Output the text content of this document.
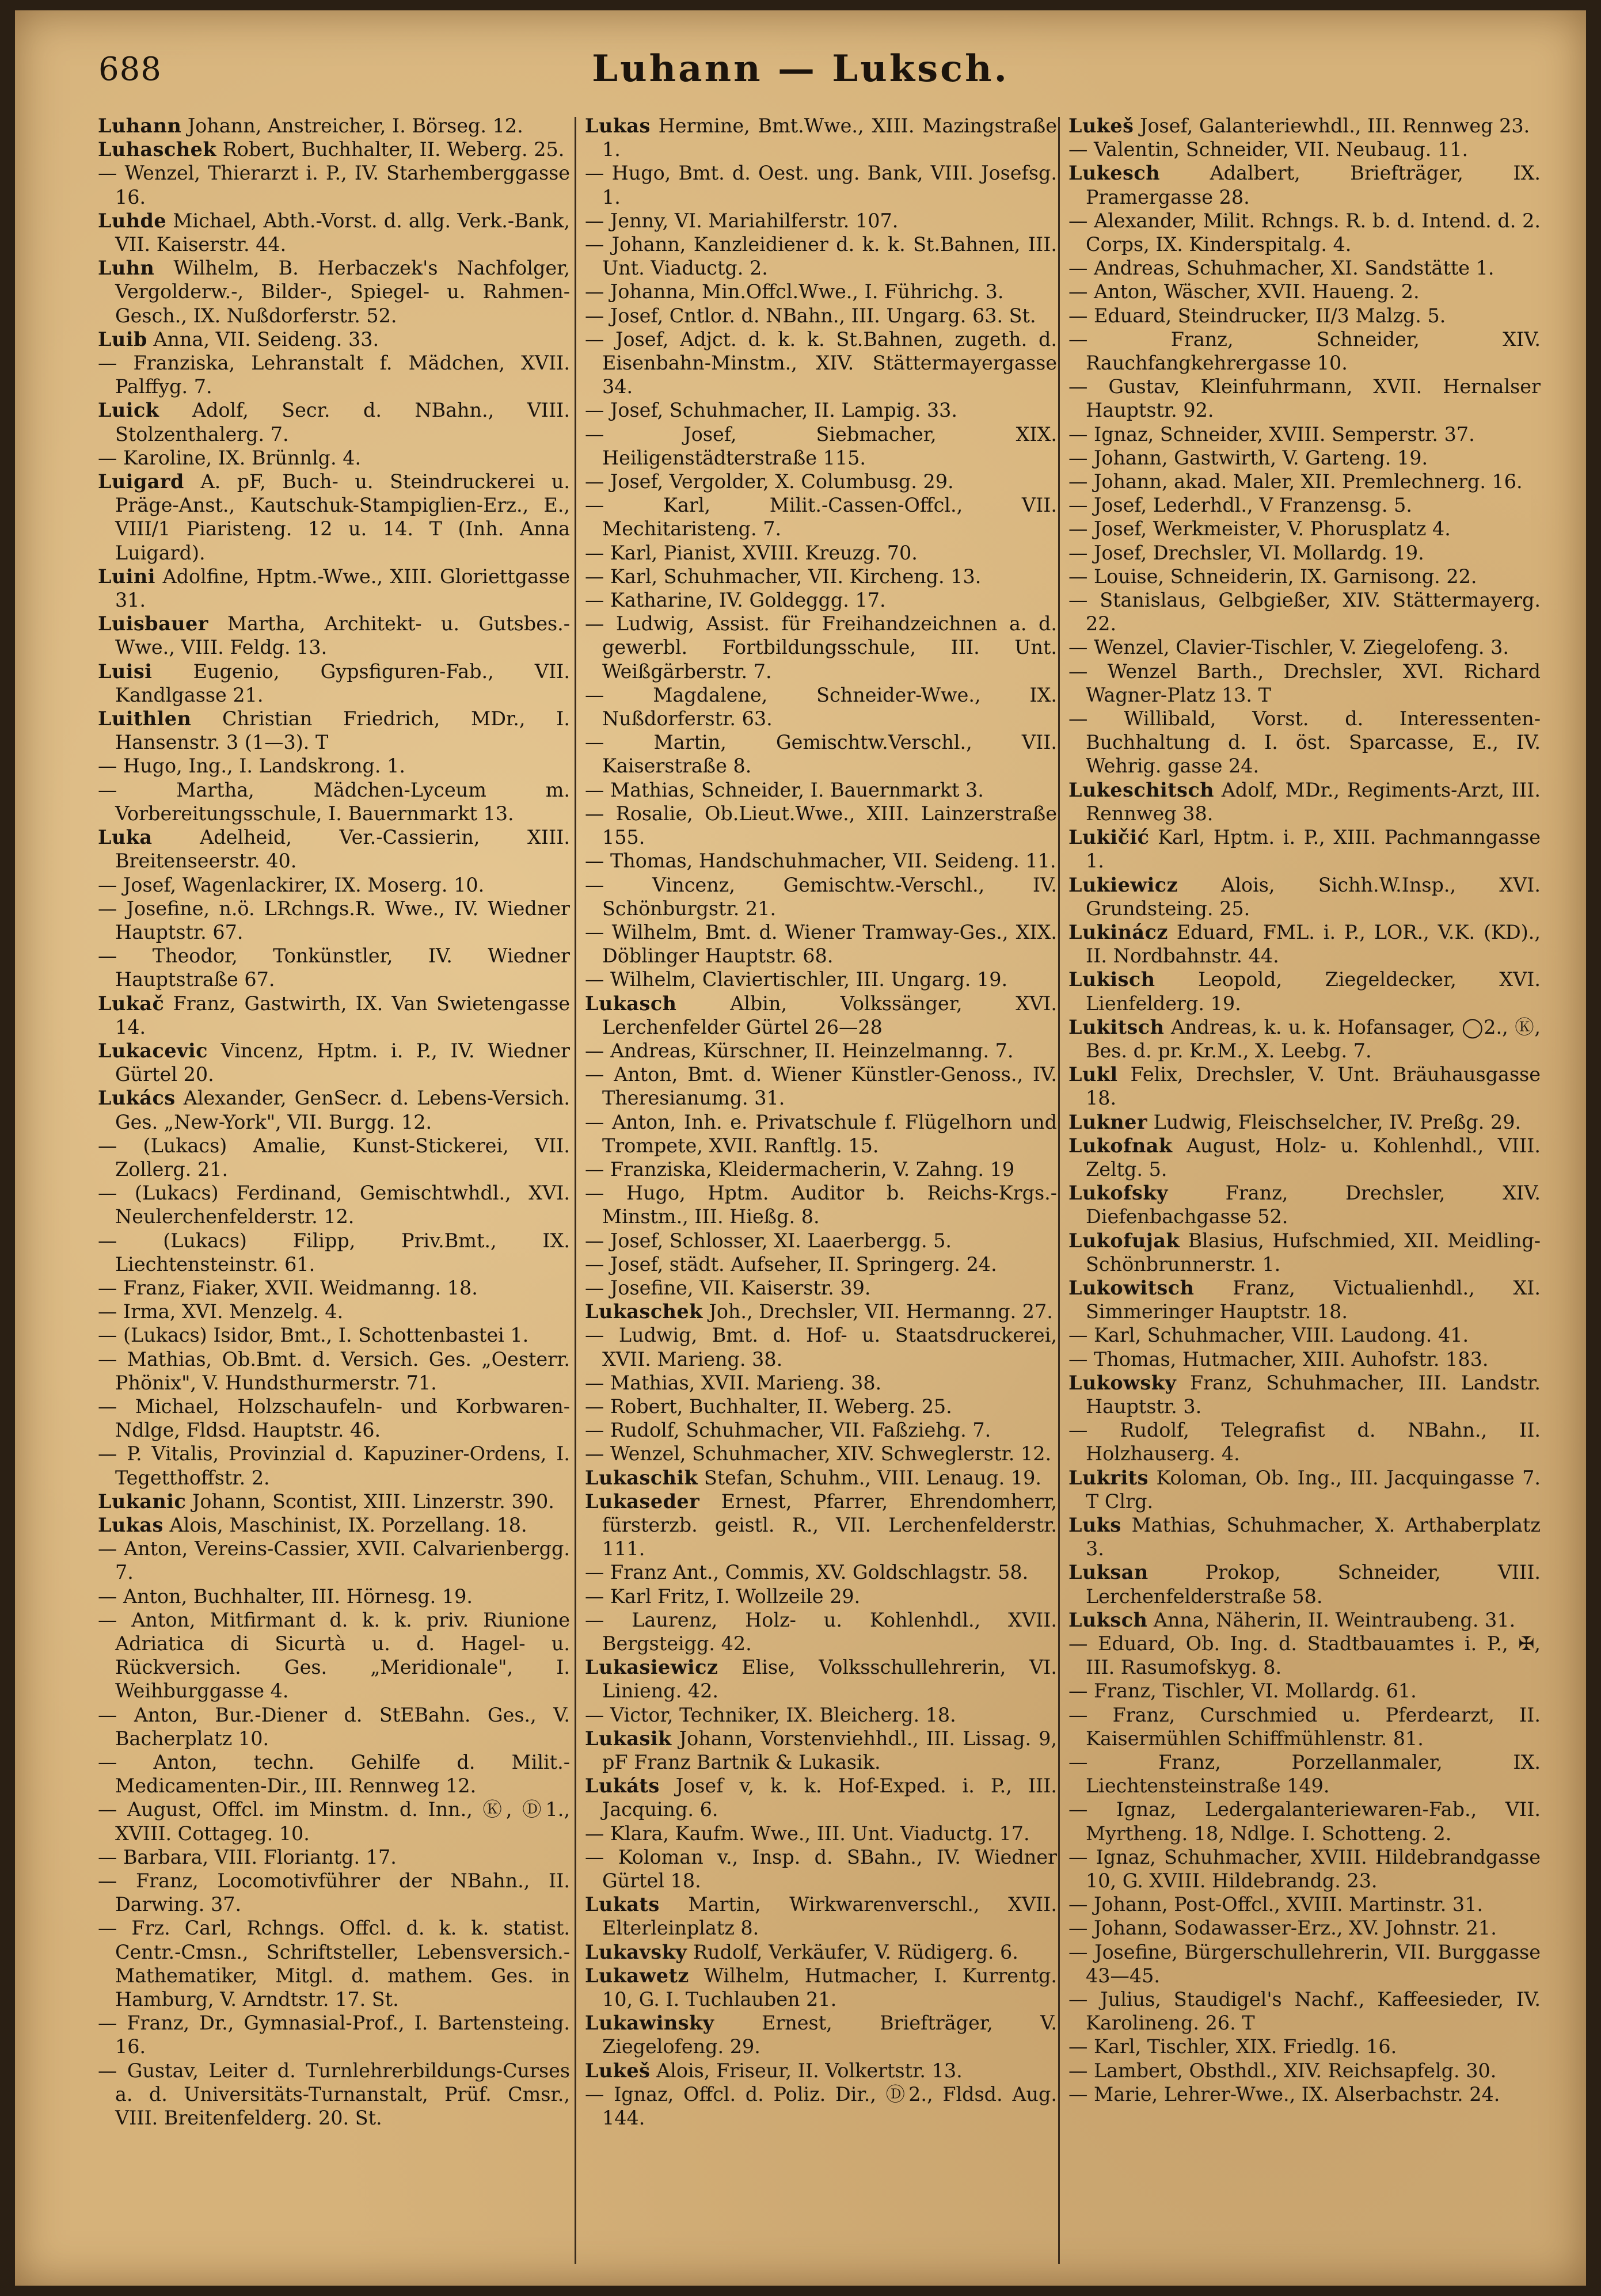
688	Luhann — Luksch.

Luhann Johann, Anstreicher, I. Börseg. 12.

Luhaschek Robert, Buchhalter, II. Weberg. 25.

— Wenzel, Thierarzt i. P., IV. Starhemberggasse 16.

Luhde Michael, Abth.-Vorst. d. allg. Verk.-Bank, VII. Kaiserstr. 44.

Luhn Wilhelm, B. Herbaczek's Nachfolger, Vergolderw.-, Bilder-, Spiegel- u. Rahmen-Gesch., IX. Nußdorferstr. 52.

Luib Anna, VII. Seideng. 33.

— Franziska, Lehranstalt f. Mädchen, XVII. Palffyg. 7.

Luick Adolf, Secr. d. NBahn., VIII. Stolzenthalerg. 7.

— Karoline, IX. Brünnlg. 4.

Luigard A. pF, Buch- u. Steindruckerei u. Präge-Anst., Kautschuk-Stampiglien-Erz., E., VIII/1 Piaristeng. 12 u. 14. T (Inh. Anna Luigard).

Luini Adolfine, Hptm.-Wwe., XIII. Gloriettgasse 31.

Luisbauer Martha, Architekt- u. Gutsbes.-Wwe., VIII. Feldg. 13.

Luisi Eugenio, Gypsfiguren-Fab., VII. Kandlgasse 21.

Luithlen Christian Friedrich, MDr., I. Hansenstr. 3 (1—3). T

— Hugo, Ing., I. Landskrong. 1.

— Martha, Mädchen-Lyceum m. Vorbereitungsschule, I. Bauernmarkt 13.

Luka Adelheid, Ver.-Cassierin, XIII. Breitenseerstr. 40.

— Josef, Wagenlackirer, IX. Moserg. 10.

— Josefine, n.ö. LRchngs.R. Wwe., IV. Wiedner Hauptstr. 67.

— Theodor, Tonkünstler, IV. Wiedner Hauptstraße 67.

Lukač Franz, Gastwirth, IX. Van Swietengasse 14.

Lukacevic Vincenz, Hptm. i. P., IV. Wiedner Gürtel 20.

Lukács Alexander, GenSecr. d. Lebens-Versich. Ges. „New-York", VII. Burgg. 12.

— (Lukacs) Amalie, Kunst-Stickerei, VII. Zollerg. 21.

— (Lukacs) Ferdinand, Gemischtwhdl., XVI. Neulerchenfelderstr. 12.

— (Lukacs) Filipp, Priv.Bmt., IX. Liechtensteinstr. 61.

— Franz, Fiaker, XVII. Weidmanng. 18.

— Irma, XVI. Menzelg. 4.

— (Lukacs) Isidor, Bmt., I. Schottenbastei 1.

— Mathias, Ob.Bmt. d. Versich. Ges. „Oesterr. Phönix", V. Hundsthurmerstr. 71.

— Michael, Holzschaufeln- und Korbwaren-Ndlge, Fldsd. Hauptstr. 46.

— P. Vitalis, Provinzial d. Kapuziner-Ordens, I. Tegetthoffstr. 2.

Lukanic Johann, Scontist, XIII. Linzerstr. 390.

Lukas Alois, Maschinist, IX. Porzellang. 18.

— Anton, Vereins-Cassier, XVII. Calvarienbergg. 7.

— Anton, Buchhalter, III. Hörnesg. 19.

— Anton, Mitfirmant d. k. k. priv. Riunione Adriatica di Sicurtà u. d. Hagel- u. Rückversich. Ges. „Meridionale", I. Weihburggasse 4.

— Anton, Bur.-Diener d. StEBahn. Ges., V. Bacherplatz 10.

— Anton, techn. Gehilfe d. Milit.-Medicamenten-Dir., III. Rennweg 12.

— August, Offcl. im Minstm. d. Inn., Ⓚ, Ⓓ1., XVIII. Cottageg. 10.

— Barbara, VIII. Floriantg. 17.

— Franz, Locomotivführer der NBahn., II. Darwing. 37.

— Frz. Carl, Rchngs. Offcl. d. k. k. statist. Centr.-Cmsn., Schriftsteller, Lebensversich.-Mathematiker, Mitgl. d. mathem. Ges. in Hamburg, V. Arndtstr. 17. St.

— Franz, Dr., Gymnasial-Prof., I. Bartensteing. 16.

— Gustav, Leiter d. Turnlehrerbildungs-Curses a. d. Universitäts-Turnanstalt, Prüf. Cmsr., VIII. Breitenfelderg. 20. St.

Lukas Hermine, Bmt.Wwe., XIII. Mazingstraße 1.

— Hugo, Bmt. d. Oest. ung. Bank, VIII. Josefsg. 1.

— Jenny, VI. Mariahilferstr. 107.

— Johann, Kanzleidiener d. k. k. St.Bahnen, III. Unt. Viaductg. 2.

— Johanna, Min.Offcl.Wwe., I. Führichg. 3.

— Josef, Cntlor. d. NBahn., III. Ungarg. 63. St.

— Josef, Adjct. d. k. k. St.Bahnen, zugeth. d. Eisenbahn-Minstm., XIV. Stättermayergasse 34.

— Josef, Schuhmacher, II. Lampig. 33.

— Josef, Siebmacher, XIX. Heiligenstädterstraße 115.

— Josef, Vergolder, X. Columbusg. 29.

— Karl, Milit.-Cassen-Offcl., VII. Mechitaristeng. 7.

— Karl, Pianist, XVIII. Kreuzg. 70.

— Karl, Schuhmacher, VII. Kircheng. 13.

— Katharine, IV. Goldeggg. 17.

— Ludwig, Assist. für Freihandzeichnen a. d. gewerbl. Fortbildungsschule, III. Unt. Weißgärberstr. 7.

— Magdalene, Schneider-Wwe., IX. Nußdorferstr. 63.

— Martin, Gemischtw.Verschl., VII. Kaiserstraße 8.

— Mathias, Schneider, I. Bauernmarkt 3.

— Rosalie, Ob.Lieut.Wwe., XIII. Lainzerstraße 155.

— Thomas, Handschuhmacher, VII. Seideng. 11.

— Vincenz, Gemischtw.-Verschl., IV. Schönburgstr. 21.

— Wilhelm, Bmt. d. Wiener Tramway-Ges., XIX. Döblinger Hauptstr. 68.

— Wilhelm, Claviertischler, III. Ungarg. 19.

Lukasch	Albin, Volkssänger, XVI. Lerchenfelder Gürtel 26—28

— Andreas, Kürschner, II. Heinzelmanng. 7.

— Anton, Bmt. d. Wiener Künstler-Genoss., IV. Theresianumg. 31.

— Anton, Inh. e. Privatschule f. Flügelhorn und Trompete, XVII. Ranftlg. 15.

— Franziska, Kleidermacherin, V. Zahng. 19

— Hugo, Hptm. Auditor b. Reichs-Krgs.-Minstm., III. Hießg. 8.

— Josef, Schlosser, XI. Laaerbergg. 5.

— Josef, städt. Aufseher, II. Springerg. 24.

— Josefine, VII. Kaiserstr. 39.

Lukaschek Joh., Drechsler, VII. Hermanng. 27.

— Ludwig, Bmt. d. Hof- u. Staatsdruckerei, XVII. Marieng. 38.

— Mathias, XVII. Marieng. 38.

— Robert, Buchhalter, II. Weberg. 25.

— Rudolf, Schuhmacher, VII. Faßziehg. 7.

— Wenzel, Schuhmacher, XIV. Schweglerstr. 12.

Lukaschik Stefan, Schuhm., VIII. Lenaug. 19.

Lukaseder Ernest, Pfarrer, Ehrendomherr, fürsterzb. geistl. R., VII. Lerchenfelderstr. 111.

— Franz Ant., Commis, XV. Goldschlagstr. 58.

— Karl Fritz, I. Wollzeile 29.

— Laurenz, Holz- u. Kohlenhdl., XVII. Bergsteigg. 42.

Lukasiewicz Elise, Volksschullehrerin, VI. Linieng. 42.

— Victor, Techniker, IX. Bleicherg. 18.

Lukasik Johann, Vorstenviehhdl., III. Lissag. 9, pF Franz Bartnik & Lukasik.

Lukáts Josef v, k. k. Hof-Exped. i. P., III. Jacquing. 6.

— Klara, Kaufm. Wwe., III. Unt. Viaductg. 17.

— Koloman v., Insp. d. SBahn., IV. Wiedner Gürtel 18.

Lukats Martin, Wirkwarenverschl., XVII. Elterleinplatz 8.

Lukavsky Rudolf, Verkäufer, V. Rüdigerg. 6.

Lukawetz Wilhelm, Hutmacher, I. Kurrentg. 10, G. I. Tuchlauben 21.

Lukawinsky Ernest, Briefträger, V. Ziegelofeng. 29.

Lukeš Alois, Friseur, II. Volkertstr. 13.

— Ignaz, Offcl. d. Poliz. Dir., Ⓓ2., Fldsd. Aug. 144.

Lukeš Josef, Galanteriewhdl., III. Rennweg 23.

— Valentin, Schneider, VII. Neubaug. 11.

Lukesch	Adalbert, Briefträger, IX. Pramergasse 28.

— Alexander, Milit. Rchngs. R. b. d. Intend. d. 2. Corps, IX. Kinderspitalg. 4.

— Andreas, Schuhmacher, XI. Sandstätte 1.

— Anton, Wäscher, XVII. Haueng. 2.

— Eduard, Steindrucker, II/3 Malzg. 5.

— Franz, Schneider, XIV. Rauchfangkehrergasse 10.

— Gustav, Kleinfuhrmann, XVII. Hernalser Hauptstr. 92.

— Ignaz, Schneider, XVIII. Semperstr. 37.

— Johann, Gastwirth, V. Garteng. 19.

— Johann, akad. Maler, XII. Premlechnerg. 16.

— Josef, Lederhdl., V Franzensg. 5.

— Josef, Werkmeister, V. Phorusplatz 4.

— Josef, Drechsler, VI. Mollardg. 19.

— Louise, Schneiderin, IX. Garnisong. 22.

— Stanislaus, Gelbgießer, XIV. Stättermayerg. 22.

— Wenzel, Clavier-Tischler, V. Ziegelofeng. 3.

— Wenzel Barth., Drechsler, XVI. Richard Wagner-Platz 13. T

— Willibald, Vorst. d. Interessenten-Buchhaltung d. I. öst. Sparcasse, E., IV. Wehrig. gasse 24.

Lukeschitsch Adolf, MDr., Regiments-Arzt, III. Rennweg 38.

Lukičić Karl, Hptm. i. P., XIII. Pachmanngasse 1.

Lukiewicz Alois, Sichh.W.Insp., XVI. Grundsteing. 25.

Lukinácz Eduard, FML. i. P., LOR., V.K. (KD)., II. Nordbahnstr. 44.

Lukisch Leopold, Ziegeldecker, XVI. Lienfelderg. 19.

Lukitsch Andreas, k. u. k. Hofansager, ◯2., Ⓚ, Bes. d. pr. Kr.M., X. Leebg. 7.

Lukl Felix, Drechsler, V. Unt. Bräuhausgasse 18.

Lukner Ludwig, Fleischselcher, IV. Preßg. 29.

Lukofnak August, Holz- u. Kohlenhdl., VIII. Zeltg. 5.

Lukofsky	Franz, Drechsler, XIV. Diefenbachgasse 52.

Lukofujak Blasius, Hufschmied, XII. Meidling-Schönbrunnerstr. 1.

Lukowitsch Franz, Victualienhdl., XI. Simmeringer Hauptstr. 18.

— Karl, Schuhmacher, VIII. Laudong. 41.

— Thomas, Hutmacher, XIII. Auhofstr. 183.

Lukowsky Franz, Schuhmacher, III. Landstr. Hauptstr. 3.

— Rudolf, Telegrafist d. NBahn., II. Holzhauserg. 4.

Lukrits Koloman, Ob. Ing., III. Jacquingasse 7. T Clrg.

Luks Mathias, Schuhmacher, X. Arthaberplatz 3.

Luksan	Prokop, Schneider, VIII. Lerchenfelderstraße 58.

Luksch Anna, Näherin, II. Weintraubeng. 31.

— Eduard, Ob. Ing. d. Stadtbauamtes i. P., ✠, III. Rasumofskyg. 8.

— Franz, Tischler, VI. Mollardg. 61.

— Franz, Curschmied u. Pferdearzt, II. Kaisermühlen Schiffmühlenstr. 81.

— Franz, Porzellanmaler, IX. Liechtensteinstraße 149.

— Ignaz, Ledergalanteriewaren-Fab., VII. Myrtheng. 18, Ndlge. I. Schotteng. 2.

— Ignaz, Schuhmacher, XVIII. Hildebrandgasse 10, G. XVIII. Hildebrandg. 23.

— Johann, Post-Offcl., XVIII. Martinstr. 31.

— Johann, Sodawasser-Erz., XV. Johnstr. 21.

— Josefine, Bürgerschullehrerin, VII. Burggasse 43—45.

— Julius, Staudigel's Nachf., Kaffeesieder, IV. Karolineng. 26. T

— Karl, Tischler, XIX. Friedlg. 16.

— Lambert, Obsthdl., XIV. Reichsapfelg. 30.

— Marie, Lehrer-Wwe., IX. Alserbachstr. 24.
